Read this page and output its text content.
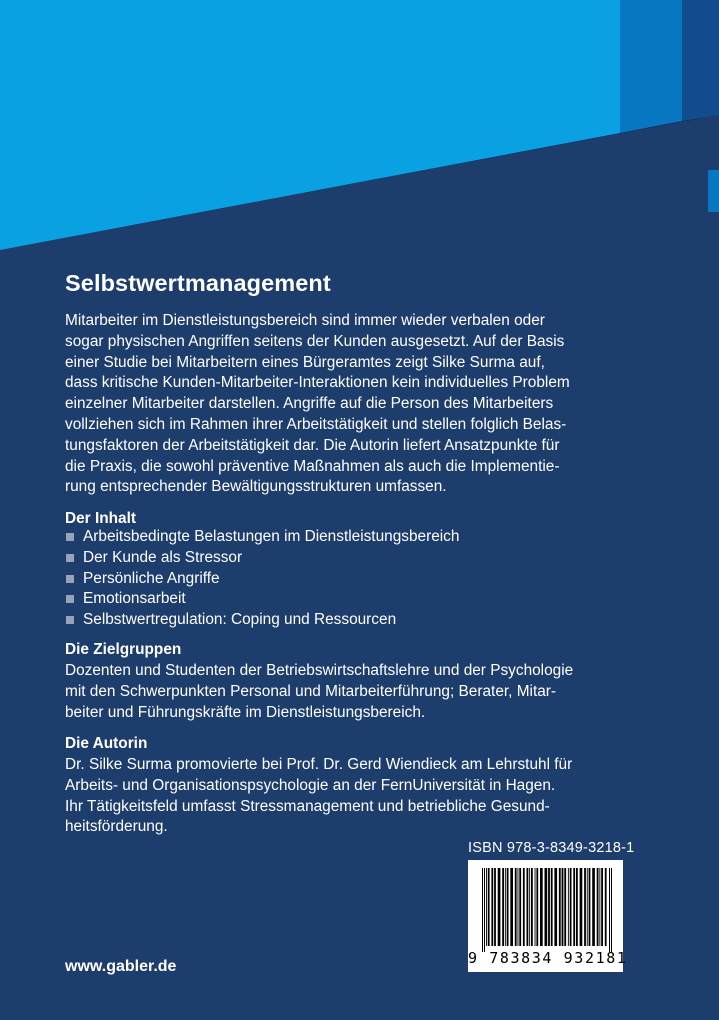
Selbstwertmanagement
Mitarbeiter im Dienstleistungsbereich sind immer wieder verbalen oder
sogar physischen Angriffen seitens der Kunden ausgesetzt. Auf der Basis
einer Studie bei Mitarbeitern eines Bürgeramtes zeigt Silke Surma auf,
dass kritische Kunden-Mitarbeiter-Interaktionen kein individuelles Problem
einzelner Mitarbeiter darstellen. Angriffe auf die Person des Mitarbeiters
vollziehen sich im Rahmen ihrer Arbeitstätigkeit und stellen folglich Belas-
tungsfaktoren der Arbeitstätigkeit dar. Die Autorin liefert Ansatzpunkte für
die Praxis, die sowohl präventive Maßnahmen als auch die Implementie-
rung entsprechender Bewältigungsstrukturen umfassen.
Der Inhalt
Arbeitsbedingte Belastungen im Dienstleistungsbereich
Der Kunde als Stressor
Persönliche Angriffe
Emotionsarbeit
Selbstwertregulation: Coping und Ressourcen
Die Zielgruppen
Dozenten und Studenten der Betriebswirtschaftslehre und der Psychologie
mit den Schwerpunkten Personal und Mitarbeiterführung; Berater, Mitar-
beiter und Führungskräfte im Dienstleistungsbereich.
Die Autorin
Dr. Silke Surma promovierte bei Prof. Dr. Gerd Wiendieck am Lehrstuhl für
Arbeits- und Organisationspsychologie an der FernUniversität in Hagen.
Ihr Tätigkeitsfeld umfasst Stressmanagement und betriebliche Gesund-
heitsförderung.
ISBN 978-3-8349-3218-1
9 783834 932181
www.gabler.de
